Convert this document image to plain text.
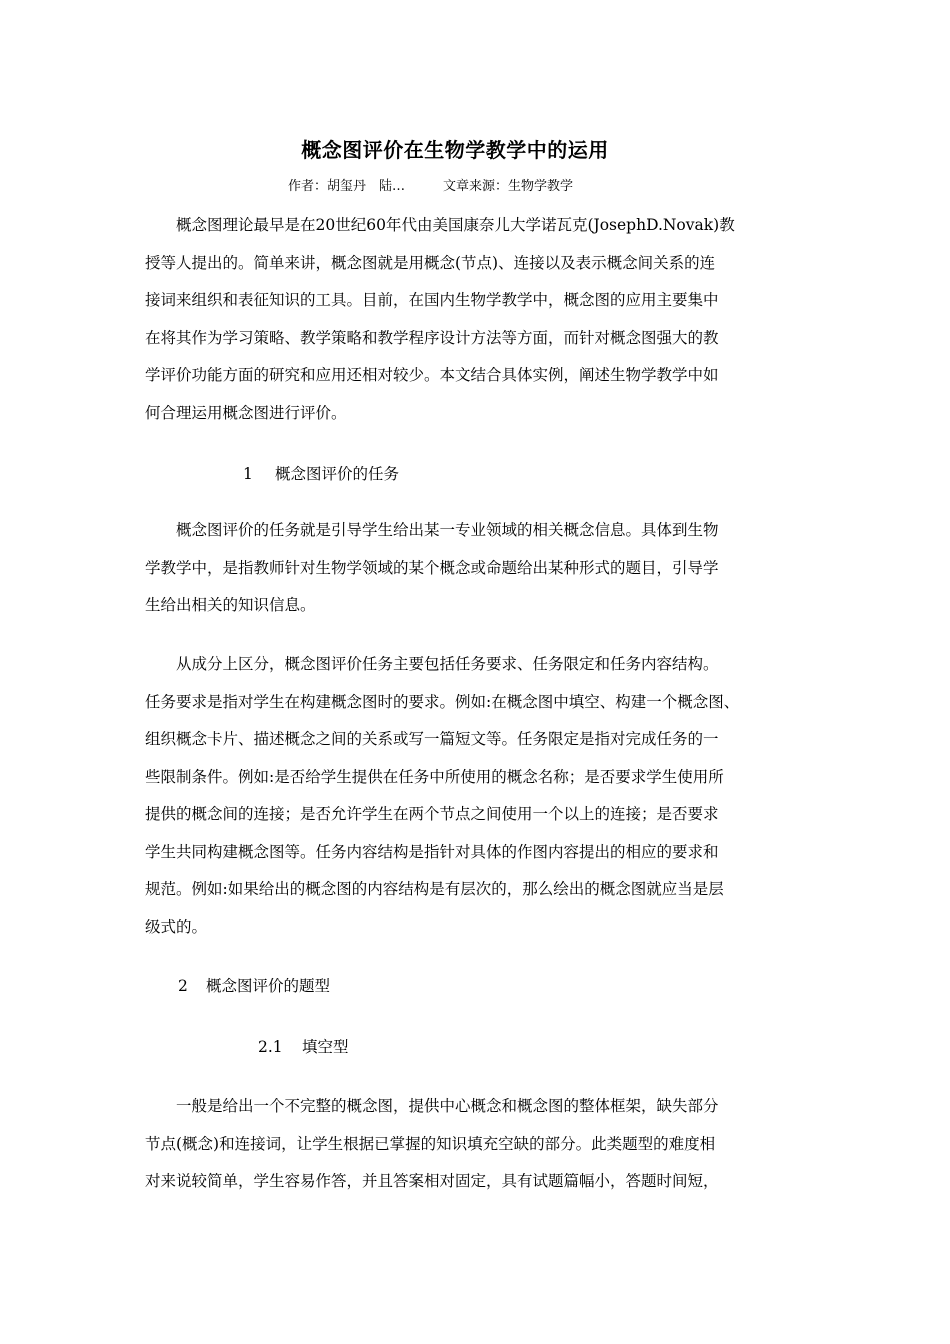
概念图评价在生物学教学中的运用
作者：胡玺丹　陆…	文章来源：生物学教学
　　概念图理论最早是在20世纪60年代由美国康奈儿大学诺瓦克(JosephD.Novak)教
授等人提出的。简单来讲，概念图就是用概念(节点)、连接以及表示概念间关系的连
接词来组织和表征知识的工具。目前，在国内生物学教学中，概念图的应用主要集中
在将其作为学习策略、教学策略和教学程序设计方法等方面，而针对概念图强大的教
学评价功能方面的研究和应用还相对较少。本文结合具体实例，阐述生物学教学中如
何合理运用概念图进行评价。
1 概念图评价的任务
　　概念图评价的任务就是引导学生给出某一专业领域的相关概念信息。具体到生物
学教学中，是指教师针对生物学领域的某个概念或命题给出某种形式的题目，引导学
生给出相关的知识信息。
　　从成分上区分，概念图评价任务主要包括任务要求、任务限定和任务内容结构。
任务要求是指对学生在构建概念图时的要求。例如:在概念图中填空、构建一个概念图、
组织概念卡片、描述概念之间的关系或写一篇短文等。任务限定是指对完成任务的一
些限制条件。例如:是否给学生提供在任务中所使用的概念名称；是否要求学生使用所
提供的概念间的连接；是否允许学生在两个节点之间使用一个以上的连接；是否要求
学生共同构建概念图等。任务内容结构是指针对具体的作图内容提出的相应的要求和
规范。例如:如果给出的概念图的内容结构是有层次的，那么绘出的概念图就应当是层
级式的。
2 概念图评价的题型
2.1 填空型
　　一般是给出一个不完整的概念图，提供中心概念和概念图的整体框架，缺失部分
节点(概念)和连接词，让学生根据已掌握的知识填充空缺的部分。此类题型的难度相
对来说较简单，学生容易作答，并且答案相对固定，具有试题篇幅小，答题时间短，
